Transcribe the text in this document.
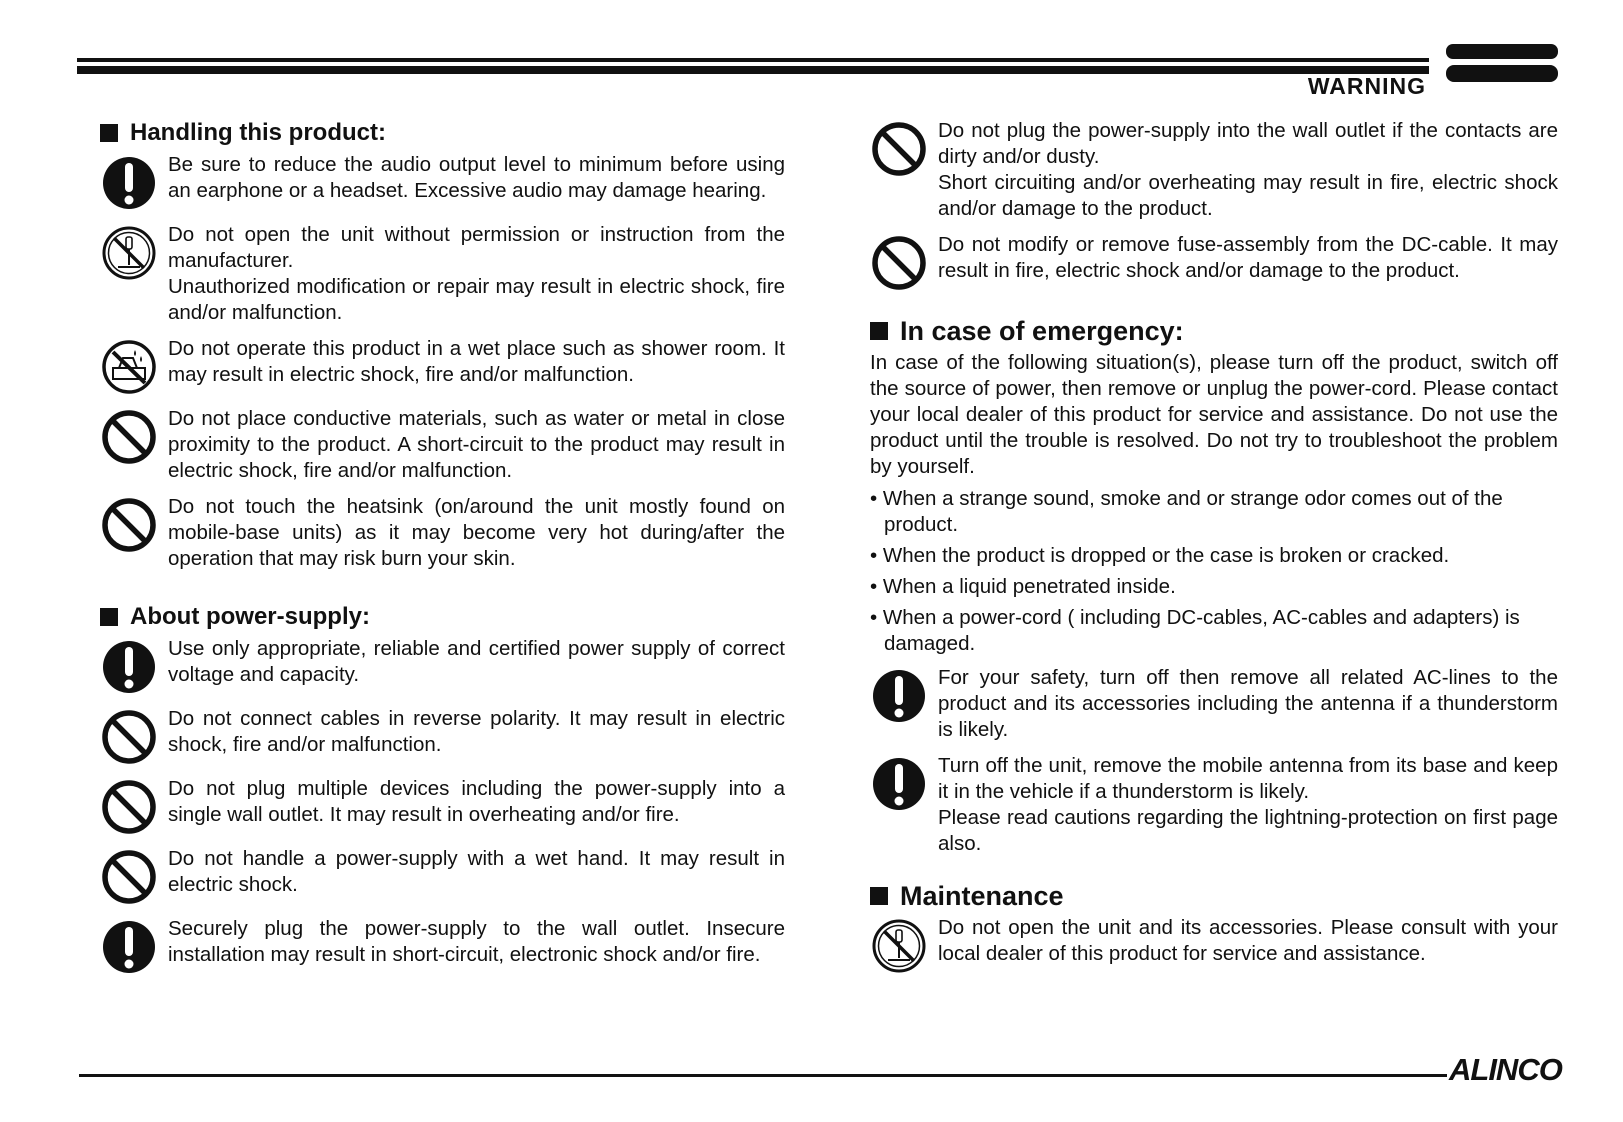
WARNING
Handling this product:

Be sure to reduce the audio output level to minimum before using an earphone or a headset. Excessive audio may damage hearing.

Do not open the unit without permission or instruction from the manufacturer.

Unauthorized modification or repair may result in electric shock, fire and/or malfunction.

Do not operate this product in a wet place such as shower room. It may result in electric shock, fire and/or malfunction.

Do not place conductive materials, such as water or metal in close proximity to the product. A short-circuit to the product may result in electric shock, fire and/or malfunction.

Do not touch the heatsink (on/around the unit mostly found on mobile-base units) as it may become very hot during/after the operation that may risk burn your skin.

About power-supply:

Use only appropriate, reliable and certified power supply of correct voltage and capacity.

Do not connect cables in reverse polarity. It may result in electric shock, fire and/or malfunction.

Do not plug multiple devices including the power-supply into a single wall outlet. It may result in overheating and/or fire.

Do not handle a power-supply with a wet hand. It may result in electric shock.

Securely plug the power-supply to the wall outlet. Insecure installation may result in short-circuit, electronic shock and/or fire.

Do not plug the power-supply into the wall outlet if the contacts are dirty and/or dusty.

Short circuiting and/or overheating may result in fire, electric shock and/or damage to the product.

Do not modify or remove fuse-assembly from the DC-cable. It may result in fire, electric shock and/or damage to the product.

In case of emergency:

In case of the following situation(s), please turn off the product, switch off the source of power, then remove or unplug the power-cord. Please contact your local dealer of this product for service and assistance. Do not use the product until the trouble is resolved. Do not try to troubleshoot the problem by yourself.

• When a strange sound, smoke and or strange odor comes out of the product.
• When the product is dropped or the case is broken or cracked.
• When a liquid penetrated inside.
• When a power-cord ( including DC-cables, AC-cables and adapters) is damaged.

For your safety, turn off then remove all related AC-lines to the product and its accessories including the antenna if a thunderstorm is likely.

Turn off the unit, remove the mobile antenna from its base and keep it in the vehicle if a thunderstorm is likely.

Please read cautions regarding the lightning-protection on first page also.

Maintenance

Do not open the unit and its accessories. Please consult with your local dealer of this product for service and assistance.

ALINCO
